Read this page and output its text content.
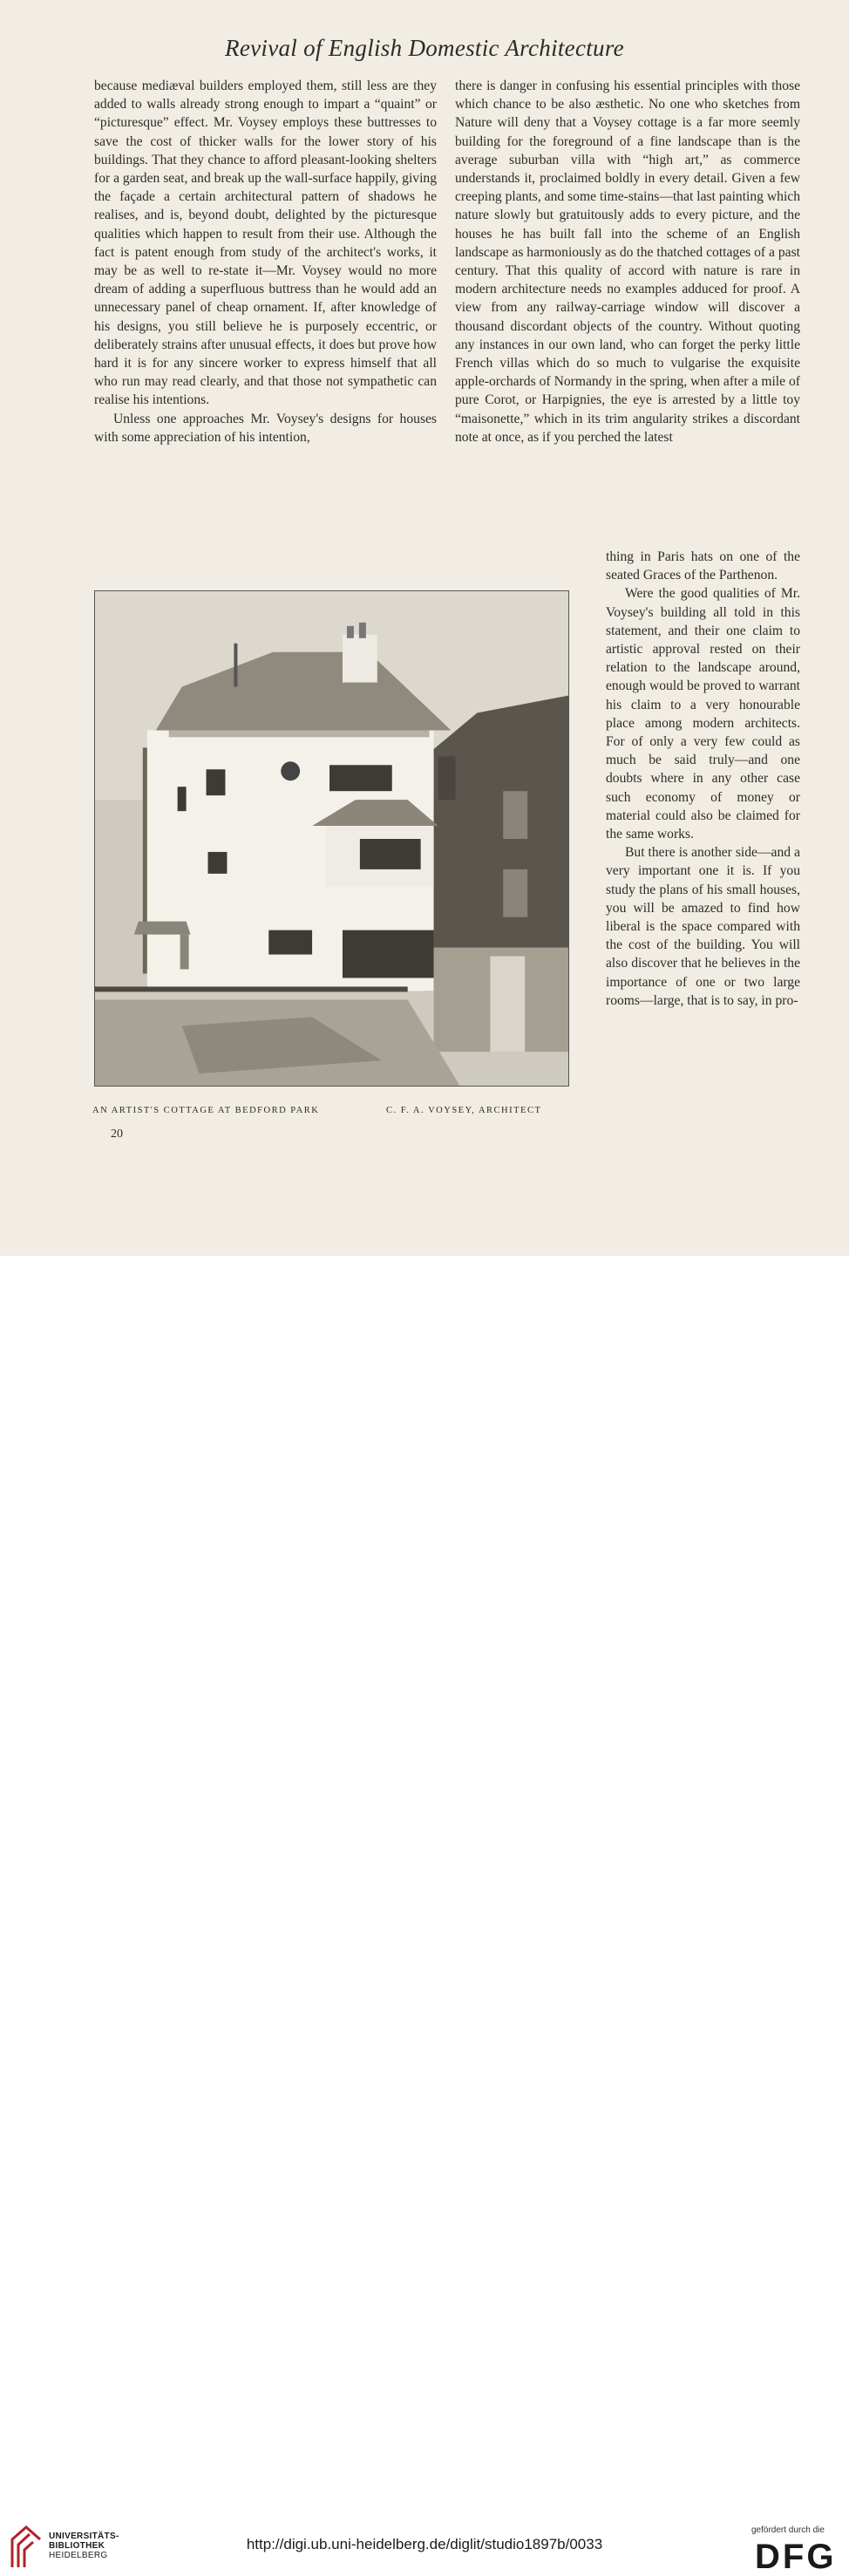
Revival of English Domestic Architecture

because mediæval builders employed them, still less are they added to walls already strong enough to impart a “quaint” or “picturesque” effect. Mr. Voysey employs these buttresses to save the cost of thicker walls for the lower story of his buildings. That they chance to afford pleasant-looking shelters for a garden seat, and break up the wall-surface happily, giving the façade a certain architectural pattern of shadows he realises, and is, beyond doubt, delighted by the picturesque qualities which happen to result from their use. Although the fact is patent enough from study of the architect's works, it may be as well to re-state it—Mr. Voysey would no more dream of adding a superfluous buttress than he would add an unnecessary panel of cheap ornament. If, after knowledge of his designs, you still believe he is purposely eccentric, or deliberately strains after unusual effects, it does but prove how hard it is for any sincere worker to express himself that all who run may read clearly, and that those not sympathetic can realise his intentions.

Unless one approaches Mr. Voysey's designs for houses with some appreciation of his intention,

there is danger in confusing his essential principles with those which chance to be also æsthetic. No one who sketches from Nature will deny that a Voysey cottage is a far more seemly building for the foreground of a fine landscape than is the average suburban villa with “high art,” as commerce understands it, proclaimed boldly in every detail. Given a few creeping plants, and some time-stains—that last painting which nature slowly but gratuitously adds to every picture, and the houses he has built fall into the scheme of an English landscape as harmoniously as do the thatched cottages of a past century. That this quality of accord with nature is rare in modern architecture needs no examples adduced for proof. A view from any railway-carriage window will discover a thousand discordant objects of the country. Without quoting any instances in our own land, who can forget the perky little French villas which do so much to vulgarise the exquisite apple-orchards of Normandy in the spring, when after a mile of pure Corot, or Harpignies, the eye is arrested by a little toy “maisonette,” which in its trim angularity strikes a discordant note at once, as if you perched the latest

thing in Paris hats on one of the seated Graces of the Parthenon.

Were the good qualities of Mr. Voysey's building all told in this statement, and their one claim to artistic approval rested on their relation to the landscape around, enough would be proved to warrant his claim to a very honourable place among modern architects. For of only a very few could as much be said truly—and one doubts where in any other case such economy of money or material could also be claimed for the same works.

But there is another side—and a very important one it is. If you study the plans of his small houses, you will be amazed to find how liberal is the space compared with the cost of the building. You will also discover that he believes in the importance of one or two large rooms—large, that is to say, in pro-

AN ARTIST'S COTTAGE AT BEDFORD PARK	C. F. A. VOYSEY, ARCHITECT
20
UNIVERSITÄTS-
BIBLIOTHEK
HEIDELBERG
http://digi.ub.uni-heidelberg.de/diglit/studio1897b/0033
gefördert durch die
DFG
